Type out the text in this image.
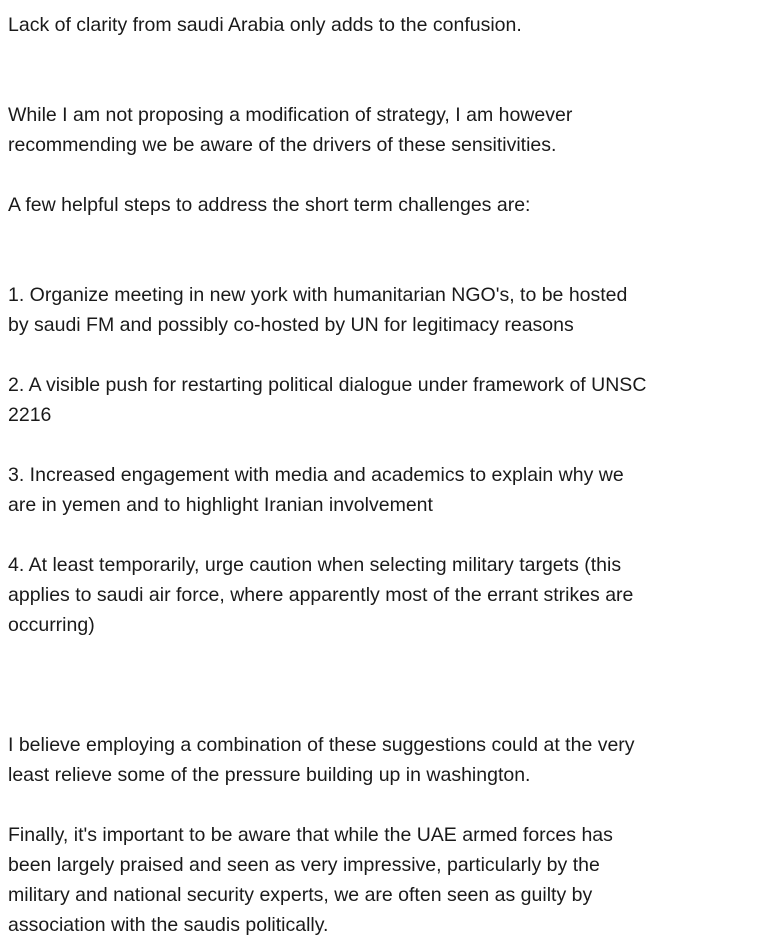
Lack of clarity from saudi Arabia only adds to the confusion.

While I am not proposing a modification of strategy, I am however

recommending we be aware of the drivers of these sensitivities.

A few helpful steps to address the short term challenges are:

1. Organize meeting in new york with humanitarian NGO's, to be hosted

by saudi FM and possibly co-hosted by UN for legitimacy reasons

2. A visible push for restarting political dialogue under framework of UNSC

2216

3. Increased engagement with media and academics to explain why we

are in yemen and to highlight Iranian involvement

4. At least temporarily, urge caution when selecting military targets (this

applies to saudi air force, where apparently most of the errant strikes are

occurring)

I believe employing a combination of these suggestions could at the very

least relieve some of the pressure building up in washington.

Finally, it's important to be aware that while the UAE armed forces has

been largely praised and seen as very impressive, particularly by the

military and national security experts, we are often seen as guilty by

association with the saudis politically.
